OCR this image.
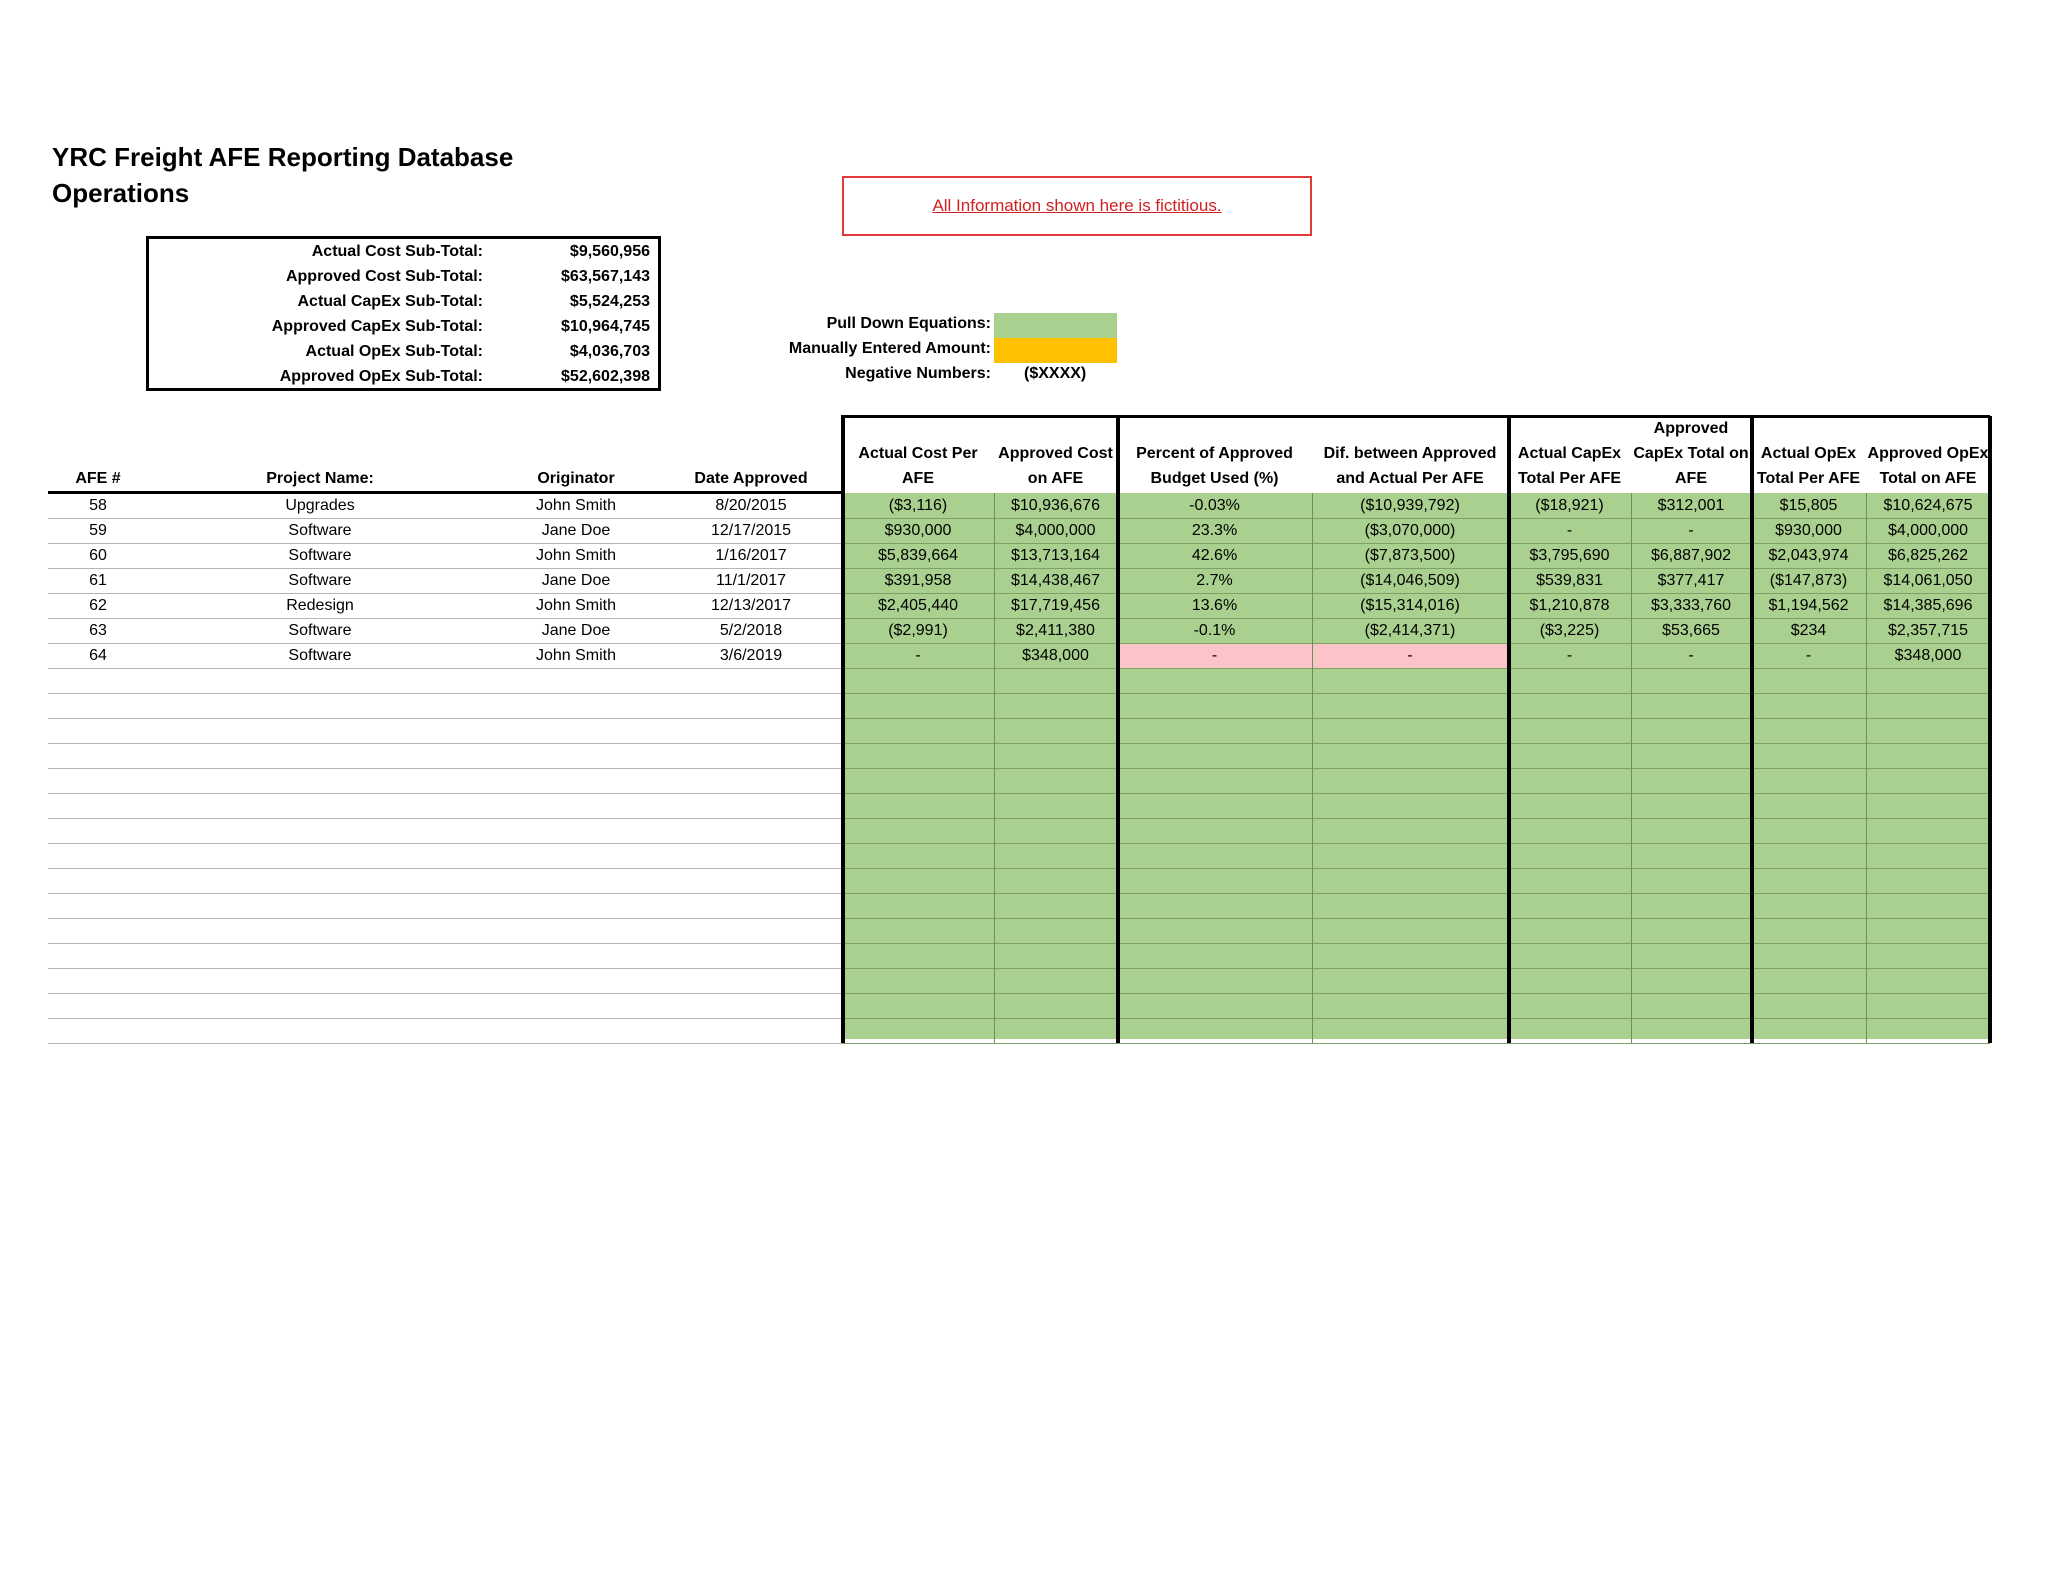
YRC Freight AFE Reporting Database
Operations	All Information shown here is fictitious.
Actual Cost Sub-Total:	$9,560,956
Approved Cost Sub-Total:	$63,567,143
Actual CapEx Sub-Total:	$5,524,253
Approved CapEx Sub-Total:	$10,964,745
Actual OpEx Sub-Total:	$4,036,703
Approved OpEx Sub-Total:	$52,602,398
Pull Down Equations:
Manually Entered Amount:
Negative Numbers: ($XXXX)
AFE #	Project Name:	Originator	Date Approved
Actual Cost Per AFE
Approved Cost on AFE
Percent of Approved Budget Used (%)
Dif. between Approved and Actual Per AFE
Actual CapEx Total Per AFE
Approved CapEx Total on AFE
Actual OpEx Total Per AFE
Approved OpEx Total on AFE
58	Upgrades	John Smith	8/20/2015	($3,116)	$10,936,676	-0.03%	($10,939,792)	($18,921)	$312,001	$15,805	$10,624,675
59	Software	Jane Doe	12/17/2015	$930,000	$4,000,000	23.3%	($3,070,000)	-	-	$930,000	$4,000,000
60	Software	John Smith	1/16/2017	$5,839,664	$13,713,164	42.6%	($7,873,500)	$3,795,690	$6,887,902	$2,043,974	$6,825,262
61	Software	Jane Doe	11/1/2017	$391,958	$14,438,467	2.7%	($14,046,509)	$539,831	$377,417	($147,873)	$14,061,050
62	Redesign	John Smith	12/13/2017	$2,405,440	$17,719,456	13.6%	($15,314,016)	$1,210,878	$3,333,760	$1,194,562	$14,385,696
63	Software	Jane Doe	5/2/2018	($2,991)	$2,411,380	-0.1%	($2,414,371)	($3,225)	$53,665	$234	$2,357,715
64	Software	John Smith	3/6/2019	-	$348,000	-	-	-	-	-	$348,000
